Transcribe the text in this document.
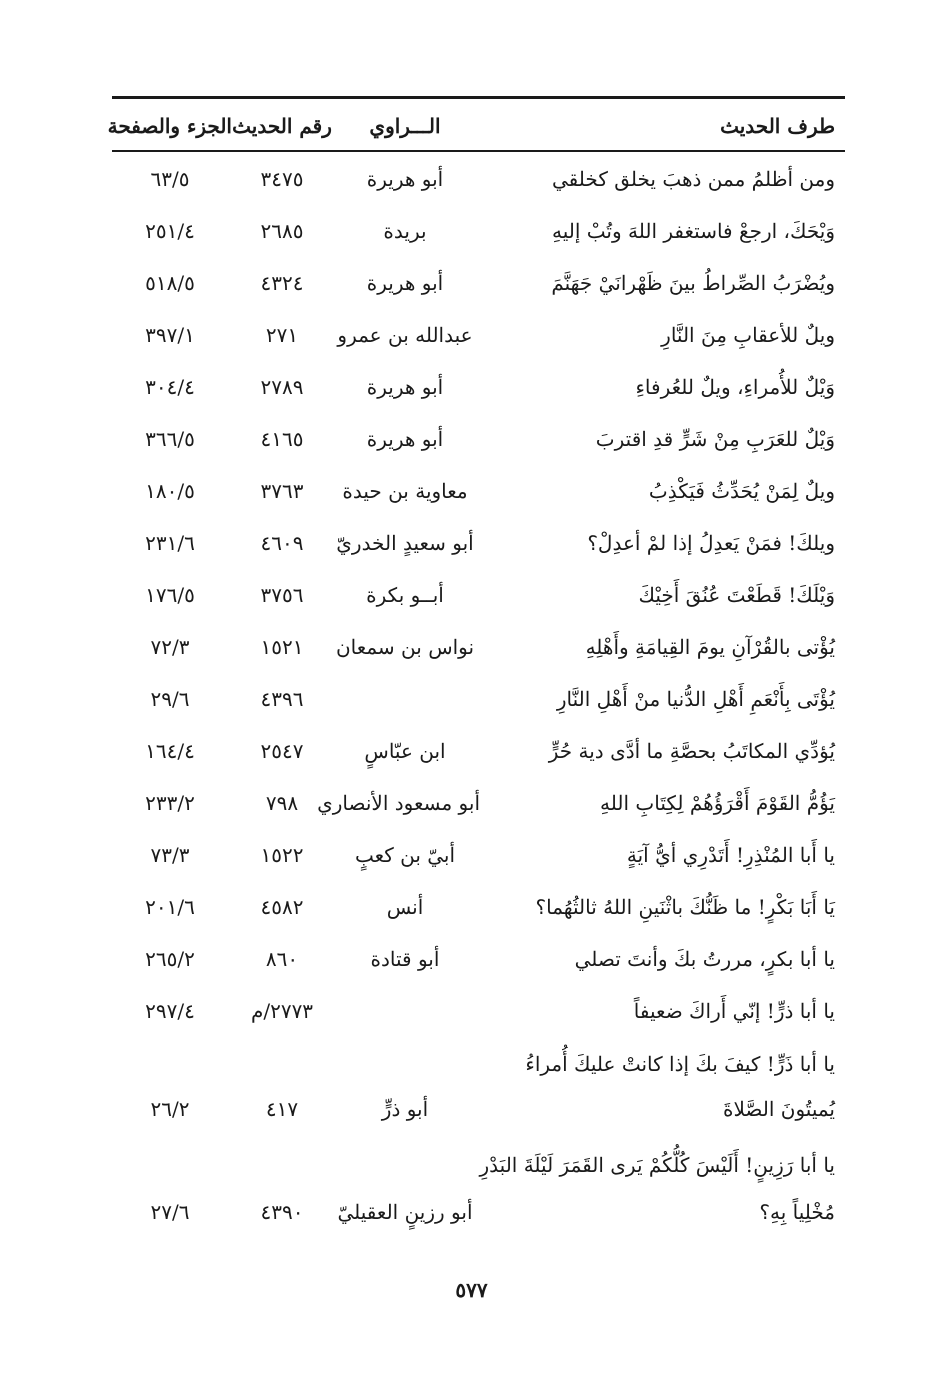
طرف الحديث
الـــراوي
رقم الحديث
الجزء والصفحة
ومن أظلمُ ممن ذهبَ يخلق كخلقي
أبو هريرة
٣٤٧٥
٦٣/٥
وَيْحَكَ، ارجعْ فاستغفر اللهَ وتُبْ إليهِ
بريدة
٢٦٨٥
٢٥١/٤
ويُضْرَبُ الصِّراطُ بينَ ظَهْرانَيْ جَهَنَّمَ
أبو هريرة
٤٣٢٤
٥١٨/٥
ويلٌ للأعقابِ مِنَ النَّارِ
عبدالله بن عمرو
٢٧١
٣٩٧/١
وَيْلٌ للأُمراءِ، ويلٌ للعُرفاءِ
أبو هريرة
٢٧٨٩
٣٠٤/٤
وَيْلٌ للعَرَبِ مِنْ شَرٍّ قدِ اقتربَ
أبو هريرة
٤١٦٥
٣٦٦/٥
ويلٌ لِمَنْ يُحَدِّثُ فَيَكْذِبُ
معاوية بن حيدة
٣٧٦٣
١٨٠/٥
ويلكَ! فمَنْ يَعدِلُ إذا لمْ أعدِلْ؟
أبو سعيدٍ الخدريّ
٤٦٠٩
٢٣١/٦
وَيْلَكَ! قَطَعْتَ عُنُقَ أَخِيْكَ
أبــو بكرة
٣٧٥٦
١٧٦/٥
يُؤْتى بالقُرْآنِ يومَ القِيامَةِ وأَهْلِهِ
نواس بن سمعان
١٥٢١
٧٢/٣
يُؤْتَى بِأَنْعَمِ أَهْلِ الدُّنيا منْ أَهْلِ النَّارِ
٤٣٩٦
٢٩/٦
يُؤدِّي المكاتَبُ بحصَّةِ ما أدَّى دية حُرٍّ
ابن عبّاسٍ
٢٥٤٧
١٦٤/٤
يَؤُمُّ القَوْمَ أَقْرَؤُهُمْ لِكِتَابِ اللهِ
أبو مسعود الأنصاري
٧٩٨
٢٣٣/٢
يا أَبا المُنْذِرِ! أَتَدْرِي أيُّ آيَةٍ
أبيّ بن كعبٍ
١٥٢٢
٧٣/٣
يَا أَبَا بَكْرٍ! ما ظَنُّكَ باثْنَينِ اللهُ ثالثُهُما؟
أنس
٤٥٨٢
٢٠١/٦
يا أبا بكرٍ، مررتُ بكَ وأنتَ تصلي
أبو قتادة
٨٦٠
٢٦٥/٢
يا أبا ذرٍّ! إنّي أَراكَ ضعيفاً
٢٧٧٣/م
٢٩٧/٤
يا أبا ذَرٍّ! كيفَ بكَ إذا كانتْ عليكَ أُمراءُ
يُميتُونَ الصَّلاةَ
أبو ذرٍّ
٤١٧
٢٦/٢
يا أبا رَزِينٍ! أَلَيْسَ كُلُّكُمْ يَرى القَمَرَ لَيْلَةَ البَدْرِ
مُخْلِياً بِهِ؟
أبو رزينٍ العقيليّ
٤٣٩٠
٢٧/٦
٥٧٧
